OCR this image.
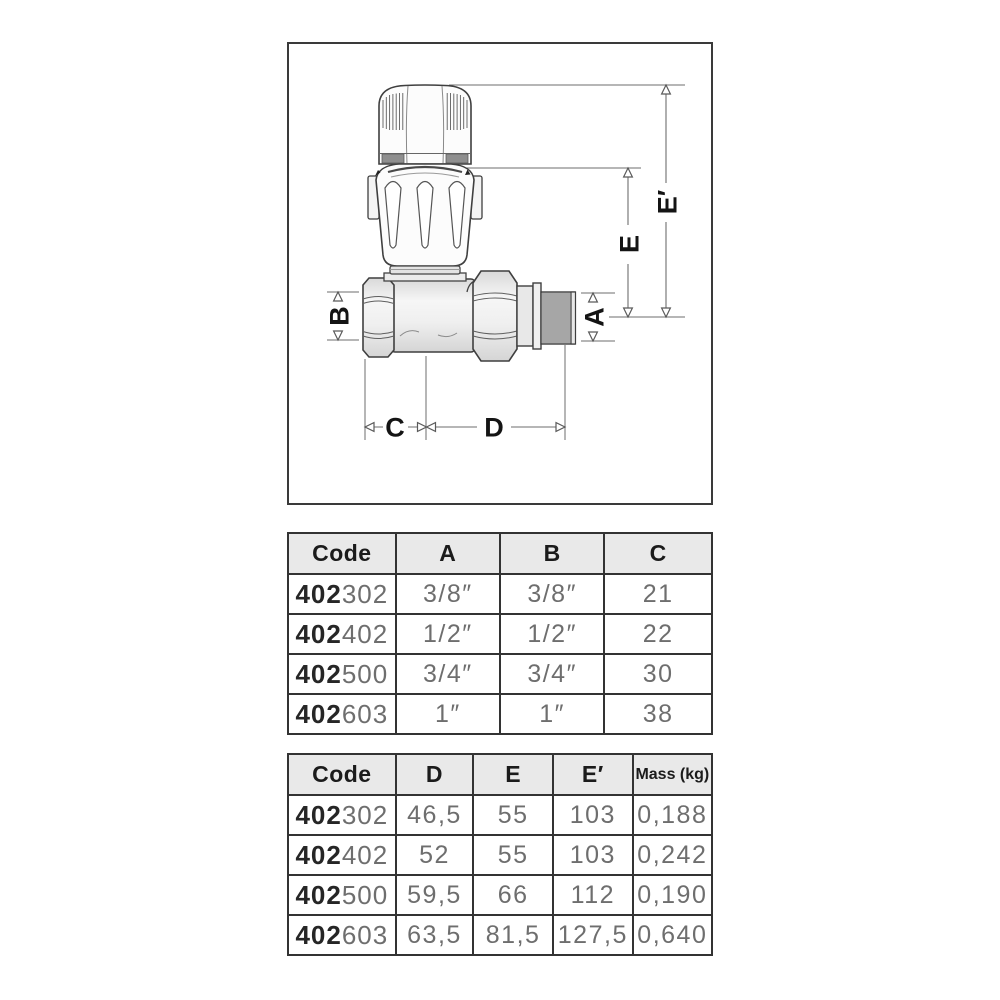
B	A
E
E′
C	D
Code	A	B	C
402302	3/8″	3/8″	21
402402	1/2″	1/2″	22
402500	3/4″	3/4″	30
402603	1″	1″	38
Code	D	E	E′	Mass (kg)
402302	46,5	55	103	0,188
402402	52	55	103	0,242
402500	59,5	66	112	0,190
402603	63,5	81,5	127,5	0,640
